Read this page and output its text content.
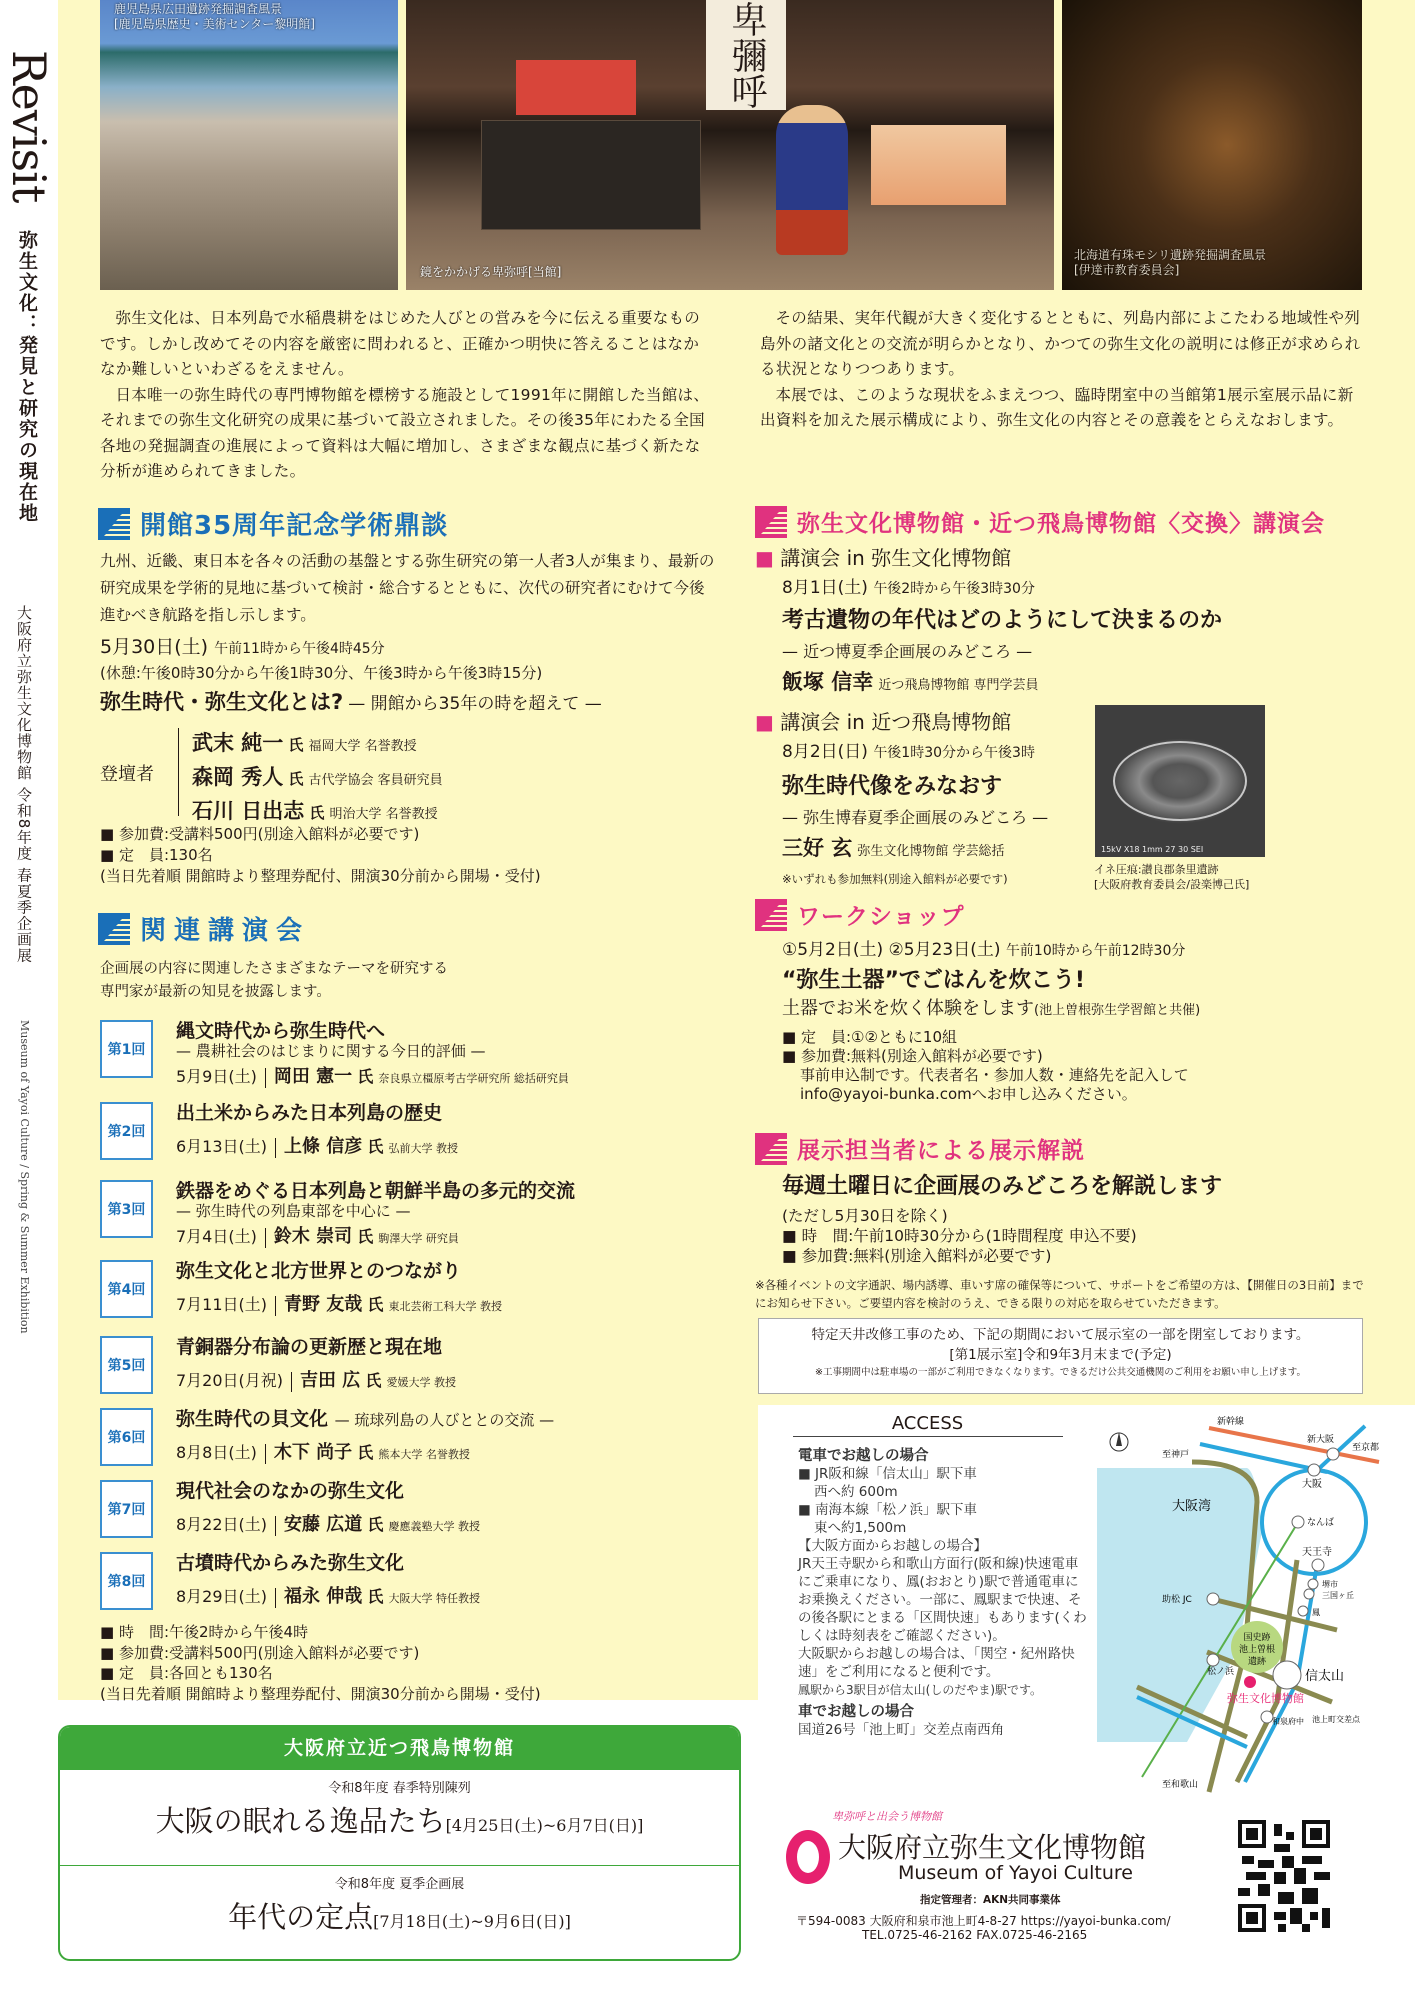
Revisit
弥生文化：発見と研究の現在地
大阪府立弥生文化博物館 令和8年度 春夏季企画展
Museum of Yayoi Culture / Spring & Summer Exhibition
鹿児島県広田遺跡発掘調査風景
[鹿児島県歴史・美術センター黎明館]	卑彌呼
鏡をかかげる卑弥呼[当館]
北海道有珠モシリ遺跡発掘調査風景
[伊達市教育委員会]

弥生文化は、日本列島で水稲農耕をはじめた人びとの営みを今に伝える重要なものです。しかし改めてその内容を厳密に問われると、正確かつ明快に答えることはなかなか難しいといわざるをえません。

日本唯一の弥生時代の専門博物館を標榜する施設として1991年に開館した当館は、それまでの弥生文化研究の成果に基づいて設立されました。その後35年にわたる全国各地の発掘調査の進展によって資料は大幅に増加し、さまざまな観点に基づく新たな分析が進められてきました。

その結果、実年代観が大きく変化するとともに、列島内部によこたわる地域性や列島外の諸文化との交流が明らかとなり、かつての弥生文化の説明には修正が求められる状況となりつつあります。

本展では、このような現状をふまえつつ、臨時閉室中の当館第1展示室展示品に新出資料を加えた展示構成により、弥生文化の内容とその意義をとらえなおします。

開館35周年記念学術鼎談
九州、近畿、東日本を各々の活動の基盤とする弥生研究の第一人者3人が集まり、最新の研究成果を学術的見地に基づいて検討・総合するとともに、次代の研究者にむけて今後進むべき航路を指し示します。
5月30日(土) 午前11時から午後4時45分
(休憩:午後0時30分から午後1時30分、午後3時から午後3時15分)
弥生時代・弥生文化とは? — 開館から35年の時を超えて —
登壇者
武末 純一 氏 福岡大学 名誉教授
森岡 秀人 氏 古代学協会 客員研究員
石川 日出志 氏 明治大学 名誉教授
■ 参加費:受講料500円(別途入館料が必要です)
■ 定　員:130名
(当日先着順 開館時より整理券配付、開演30分前から開場・受付)
関連講演会
企画展の内容に関連したさまざまなテーマを研究する
専門家が最新の知見を披露します。
第1回
縄文時代から弥生時代へ
— 農耕社会のはじまりに関する今日的評価 —
5月9日(土) 岡田 憲一 氏 奈良県立橿原考古学研究所 総括研究員
第2回
出土米からみた日本列島の歴史
6月13日(土) 上條 信彦 氏 弘前大学 教授
第3回
鉄器をめぐる日本列島と朝鮮半島の多元的交流
— 弥生時代の列島東部を中心に —
7月4日(土) 鈴木 崇司 氏 駒澤大学 研究員
第4回
弥生文化と北方世界とのつながり
7月11日(土) 青野 友哉 氏 東北芸術工科大学 教授
第5回
青銅器分布論の更新歴と現在地
7月20日(月祝) 吉田 広 氏 愛媛大学 教授
第6回
弥生時代の貝文化 — 琉球列島の人びととの交流 —
8月8日(土) 木下 尚子 氏 熊本大学 名誉教授
第7回
現代社会のなかの弥生文化
8月22日(土) 安藤 広道 氏 慶應義塾大学 教授
第8回
古墳時代からみた弥生文化
8月29日(土) 福永 伸哉 氏 大阪大学 特任教授
■ 時　間:午後2時から午後4時
■ 参加費:受講料500円(別途入館料が必要です)
■ 定　員:各回とも130名
(当日先着順 開館時より整理券配付、開演30分前から開場・受付)
弥生文化博物館・近つ飛鳥博物館〈交換〉講演会
■ 講演会 in 弥生文化博物館
8月1日(土) 午後2時から午後3時30分
考古遺物の年代はどのようにして決まるのか
— 近つ博夏季企画展のみどころ —
飯塚 信幸 近つ飛鳥博物館 専門学芸員
■ 講演会 in 近つ飛鳥博物館
8月2日(日) 午後1時30分から午後3時
弥生時代像をみなおす
— 弥生博春夏季企画展のみどころ —
三好 玄 弥生文化博物館 学芸総括
※いずれも参加無料(別途入館料が必要です)
15kV X18 1mm 27 30 SEI
イネ圧痕:讃良郡条里遺跡
[大阪府教育委員会/設楽博己氏]
ワークショップ
①5月2日(土) ②5月23日(土) 午前10時から午前12時30分
“弥生土器”でごはんを炊こう!
土器でお米を炊く体験をします(池上曽根弥生学習館と共催)
■ 定　員:①②ともに10組
■ 参加費:無料(別途入館料が必要です)
事前申込制です。代表者名・参加人数・連絡先を記入して
info@yayoi-bunka.comへお申し込みください。
展示担当者による展示解説
毎週土曜日に企画展のみどころを解説します
(ただし5月30日を除く)
■ 時　間:午前10時30分から(1時間程度 申込不要)
■ 参加費:無料(別途入館料が必要です)
※各種イベントの文字通訳、場内誘導、車いす席の確保等について、サポートをご希望の方は、【開催日の3日前】までにお知らせ下さい。ご要望内容を検討のうえ、できる限りの対応を取らせていただきます。
特定天井改修工事のため、下記の期間において展示室の一部を閉室しております。
[第1展示室]令和9年3月末まで(予定)
※工事期間中は駐車場の一部がご利用できなくなります。できるだけ公共交通機関のご利用をお願い申し上げます。
ACCESS
電車でお越しの場合
■ JR阪和線「信太山」駅下車
西へ約 600m
■ 南海本線「松ノ浜」駅下車
東へ約1,500m
【大阪方面からお越しの場合】
JR天王寺駅から和歌山方面行(阪和線)快速電車にご乗車になり、鳳(おおとり)駅で普通電車にお乗換えください。一部に、鳳駅まで快速、その後各駅にとまる「区間快速」もあります(くわしくは時刻表をご確認ください)。
大阪駅からお越しの場合は、「関空・紀州路快速」をご利用になると便利です。
鳳駅から3駅目が信太山(しのだやま)駅です。
車でお越しの場合
国道26号「池上町」交差点南西角
国史跡
池上曽根
遺跡
弥生文化博物館
信太山
新幹線
新大阪
至京都
至神戸
大阪
大阪湾
なんば
天王寺
堺市
三国ヶ丘
鳳
助松 JC
松ノ浜
和泉府中 池上町交差点
至和歌山
大阪府立近つ飛鳥博物館
令和8年度 春季特別陳列
大阪の眠れる逸品たち[4月25日(土)~6月7日(日)]
令和8年度 夏季企画展
年代の定点[7月18日(土)~9月6日(日)]
卑弥呼と出会う博物館
大阪府立弥生文化博物館
Museum of Yayoi Culture
指定管理者：AKN共同事業体
〒594-0083 大阪府和泉市池上町4-8-27 https://yayoi-bunka.com/
TEL.0725-46-2162 FAX.0725-46-2165
